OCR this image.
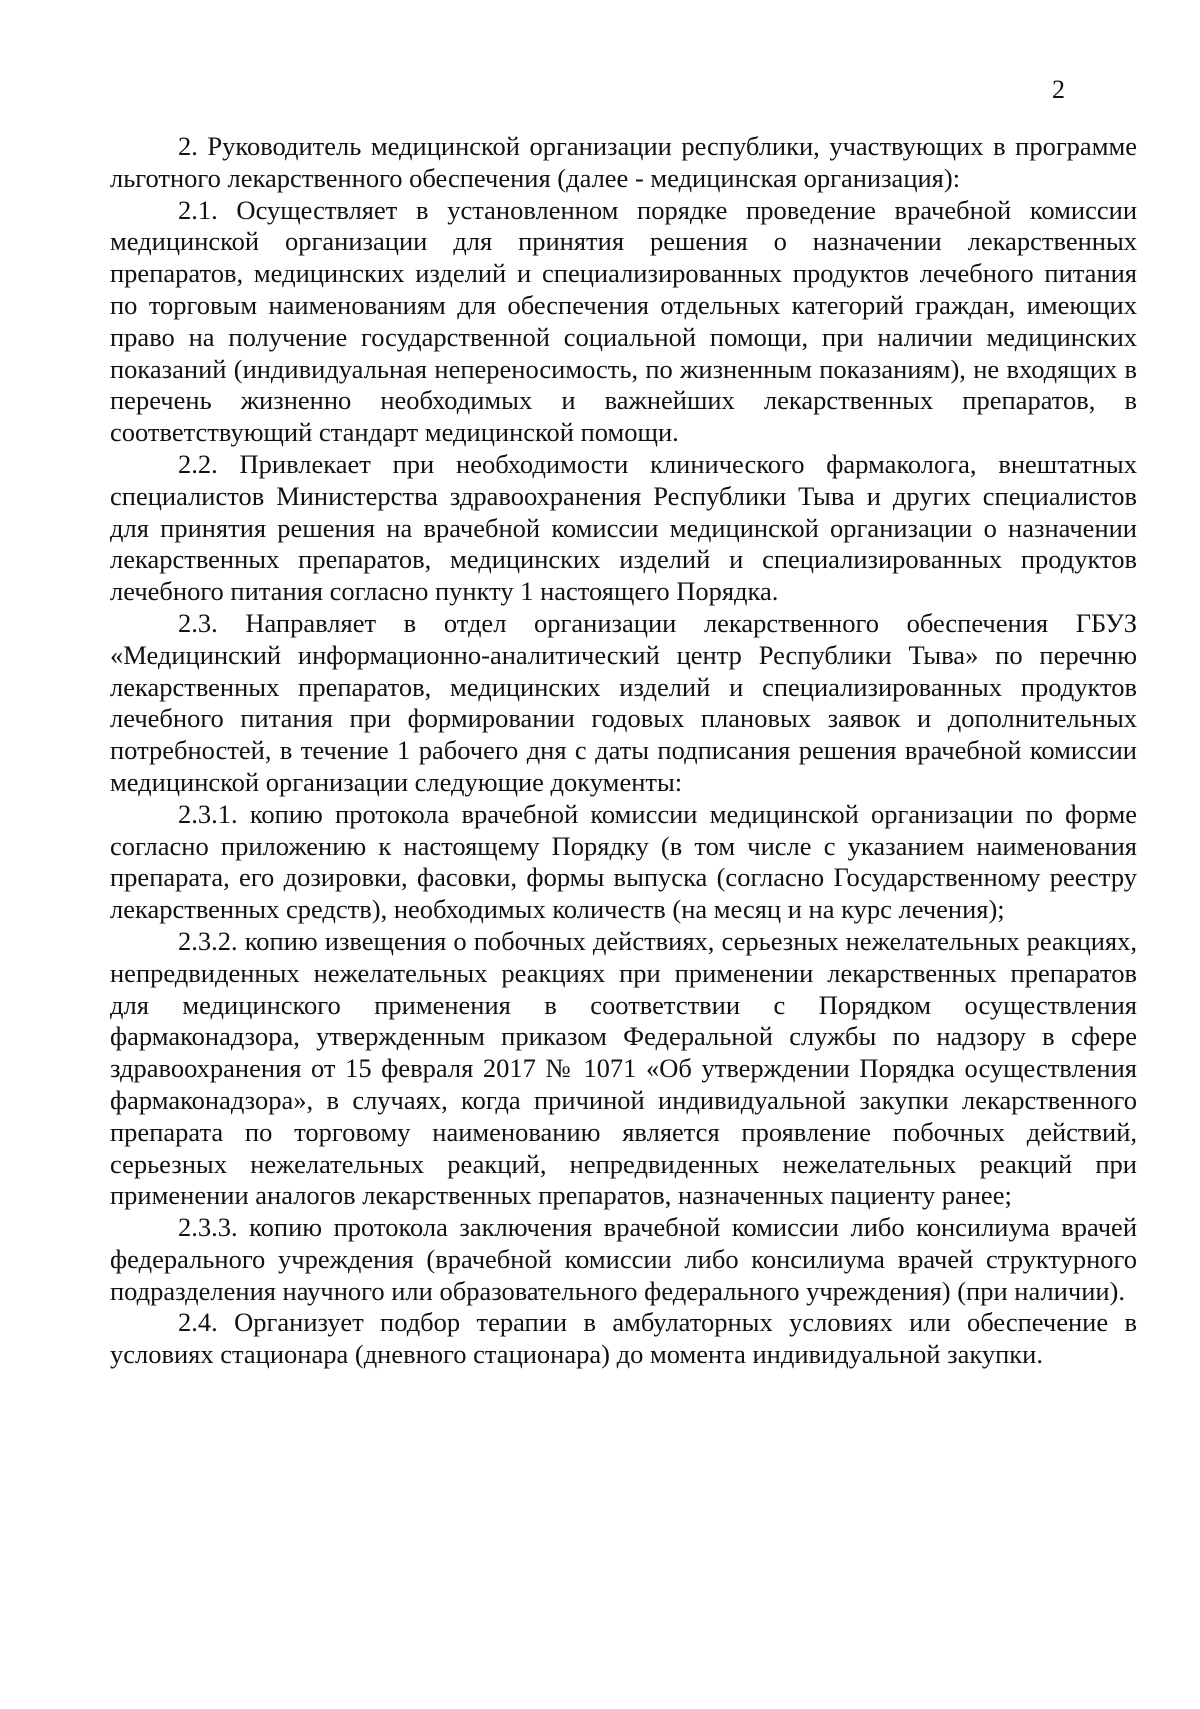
2

2. Руководитель медицинской организации республики, участвующих в программе льготного лекарственного обеспечения (далее - медицинская организация):

2.1. Осуществляет в установленном порядке проведение врачебной комиссии медицинской организации для принятия решения о назначении лекарственных препаратов, медицинских изделий и специализированных продуктов лечебного питания по торговым наименованиям для обеспечения отдельных категорий граждан, имеющих право на получение государственной социальной помощи, при наличии медицинских показаний (индивидуальная непереносимость, по жизненным показаниям), не входящих в перечень жизненно необходимых и важнейших лекарственных препаратов, в соответствующий стандарт медицинской помощи.

2.2. Привлекает при необходимости клинического фармаколога, внештатных специалистов Министерства здравоохранения Республики Тыва и других специалистов для принятия решения на врачебной комиссии медицинской организации о назначении лекарственных препаратов, медицинских изделий и специализированных продуктов лечебного питания согласно пункту 1 настоящего Порядка.

2.3. Направляет в отдел организации лекарственного обеспечения ГБУЗ «Медицинский информационно-аналитический центр Республики Тыва» по перечню лекарственных препаратов, медицинских изделий и специализированных продуктов лечебного питания при формировании годовых плановых заявок и дополнительных потребностей, в течение 1 рабочего дня с даты подписания решения врачебной комиссии медицинской организации следующие документы:

2.3.1. копию протокола врачебной комиссии медицинской организации по форме согласно приложению к настоящему Порядку (в том числе с указанием наименования препарата, его дозировки, фасовки, формы выпуска (согласно Государственному реестру лекарственных средств), необходимых количеств (на месяц и на курс лечения);

2.3.2. копию извещения о побочных действиях, серьезных нежелательных реакциях, непредвиденных нежелательных реакциях при применении лекарственных препаратов для медицинского применения в соответствии с Порядком осуществления фармаконадзора, утвержденным приказом Федеральной службы по надзору в сфере здравоохранения от 15 февраля 2017 № 1071 «Об утверждении Порядка осуществления фармаконадзора», в случаях, когда причиной индивидуальной закупки лекарственного препарата по торговому наименованию является проявление побочных действий, серьезных нежелательных реакций, непредвиденных нежелательных реакций при применении аналогов лекарственных препаратов, назначенных пациенту ранее;

2.3.3. копию протокола заключения врачебной комиссии либо консилиума врачей федерального учреждения (врачебной комиссии либо консилиума врачей структурного подразделения научного или образовательного федерального учреждения) (при наличии).

2.4. Организует подбор терапии в амбулаторных условиях или обеспечение в условиях стационара (дневного стационара) до момента индивидуальной закупки.
